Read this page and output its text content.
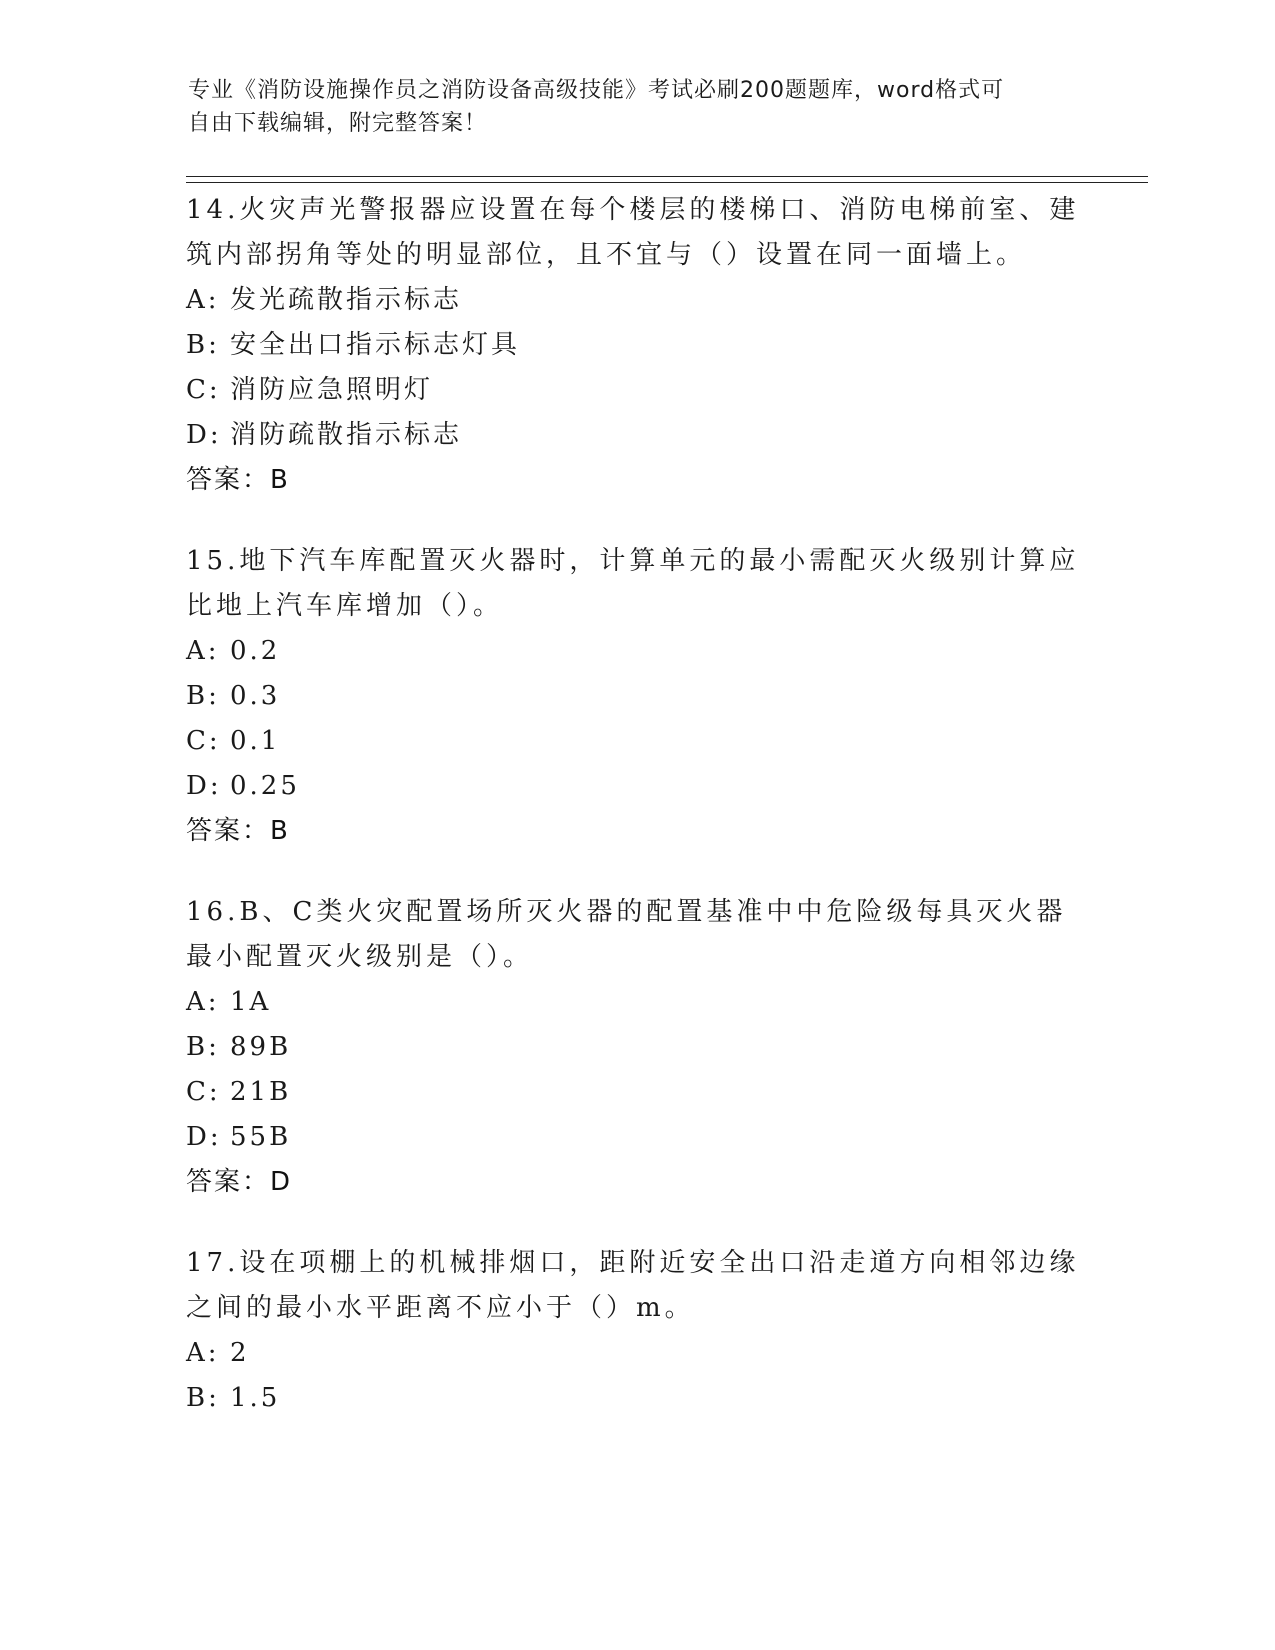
专业《消防设施操作员之消防设备高级技能》考试必刷200题题库，word格式可
自由下载编辑，附完整答案！

14.火灾声光警报器应设置在每个楼层的楼梯口、消防电梯前室、建筑内部拐角等处的明显部位，且不宜与（）设置在同一面墙上。

A: 发光疏散指示标志
B: 安全出口指示标志灯具
C: 消防应急照明灯
D: 消防疏散指示标志
答案：B

15.地下汽车库配置灭火器时，计算单元的最小需配灭火级别计算应比地上汽车库增加（）。

A: 0.2
B: 0.3
C: 0.1
D: 0.25
答案：B

16.B、C类火灾配置场所灭火器的配置基准中中危险级每具灭火器最小配置灭火级别是（）。

A: 1A
B: 89B
C: 21B
D: 55B
答案：D

17.设在项棚上的机械排烟口，距附近安全出口沿走道方向相邻边缘之间的最小水平距离不应小于（）m。

A: 2
B: 1.5
